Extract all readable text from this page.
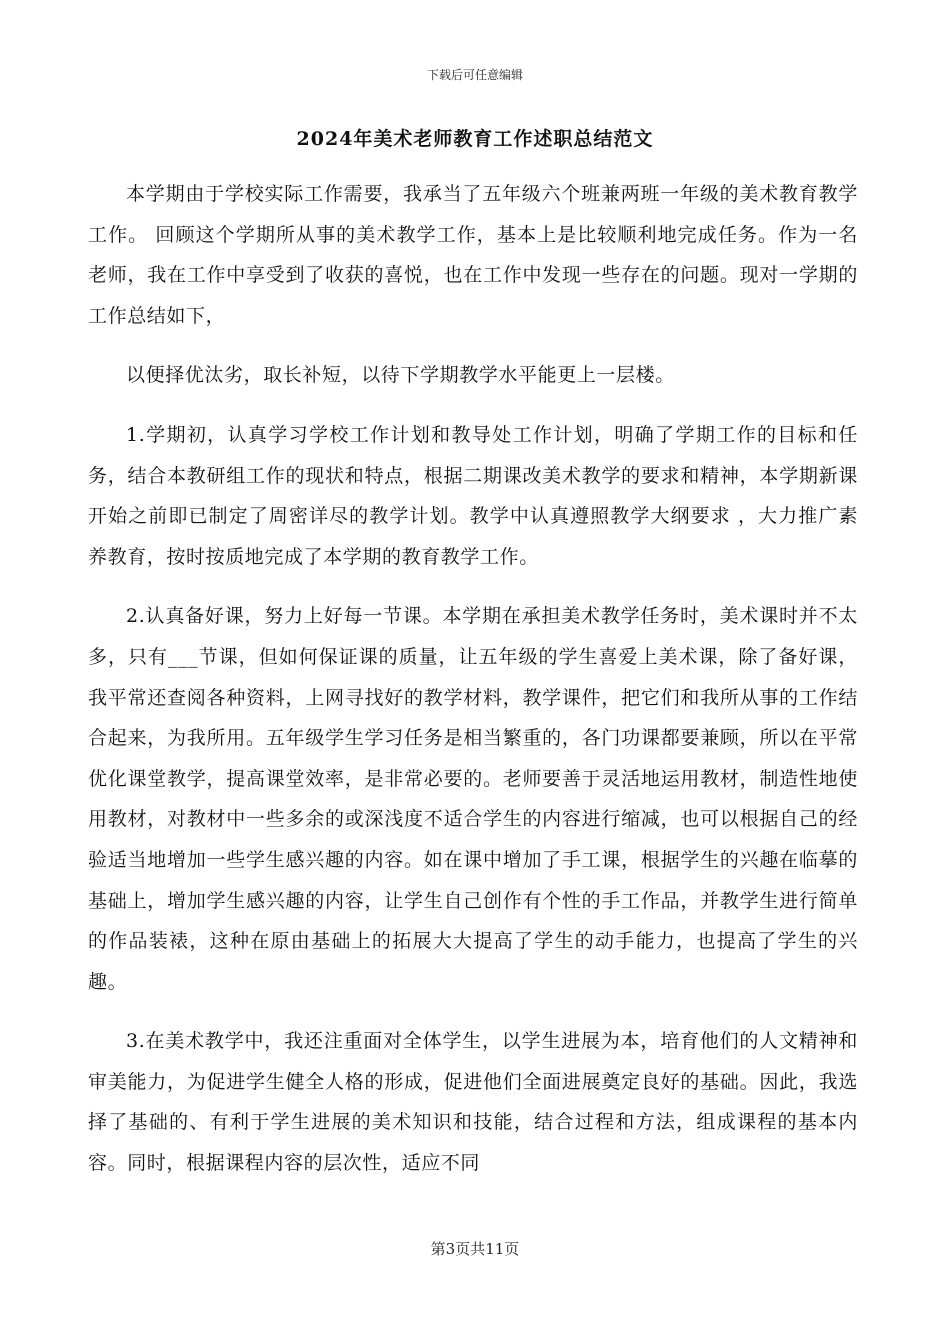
下载后可任意编辑
2024年美术老师教育工作述职总结范文

本学期由于学校实际工作需要，我承当了五年级六个班兼两班一年级的美术教育教学工作。 回顾这个学期所从事的美术教学工作，基本上是比较顺利地完成任务。作为一名老师，我在工作中享受到了收获的喜悦，也在工作中发现一些存在的问题。现对一学期的工作总结如下，

以便择优汰劣，取长补短，以待下学期教学水平能更上一层楼。

1.学期初，认真学习学校工作计划和教导处工作计划，明确了学期工作的目标和任务，结合本教研组工作的现状和特点，根据二期课改美术教学的要求和精神，本学期新课开始之前即已制定了周密详尽的教学计划。教学中认真遵照教学大纲要求 ，大力推广素养教育，按时按质地完成了本学期的教育教学工作。

2.认真备好课，努力上好每一节课。本学期在承担美术教学任务时，美术课时并不太多，只有___节课，但如何保证课的质量，让五年级的学生喜爱上美术课，除了备好课，我平常还查阅各种资料，上网寻找好的教学材料，教学课件，把它们和我所从事的工作结合起来，为我所用。五年级学生学习任务是相当繁重的，各门功课都要兼顾，所以在平常优化课堂教学，提高课堂效率，是非常必要的。老师要善于灵活地运用教材，制造性地使用教材，对教材中一些多余的或深浅度不适合学生的内容进行缩减，也可以根据自己的经验适当地增加一些学生感兴趣的内容。如在课中增加了手工课，根据学生的兴趣在临摹的基础上，增加学生感兴趣的内容，让学生自己创作有个性的手工作品，并教学生进行简单的作品装裱，这种在原由基础上的拓展大大提高了学生的动手能力，也提高了学生的兴趣。

3.在美术教学中，我还注重面对全体学生，以学生进展为本，培育他们的人文精神和审美能力，为促进学生健全人格的形成，促进他们全面进展奠定良好的基础。因此，我选择了基础的、有利于学生进展的美术知识和技能，结合过程和方法，组成课程的基本内容。同时，根据课程内容的层次性，适应不同

第3页共11页
